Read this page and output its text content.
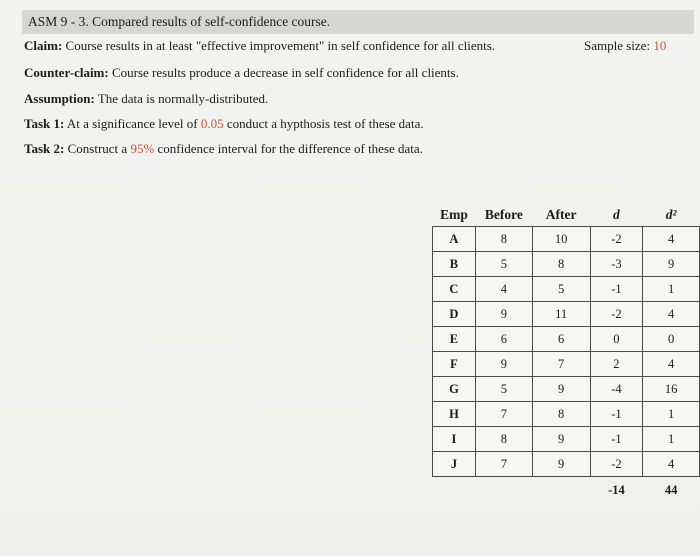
ASM 9 - 3. Compared results of self-confidence course.
Claim: Course results in at least "effective improvement" in self confidence for all clients.	Sample size: 10
Counter-claim: Course results produce a decrease in self confidence for all clients.
Assumption: The data is normally-distributed.
Task 1: At a significance level of 0.05 conduct a hypthosis test of these data.
Task 2: Construct a 95% confidence interval for the difference of these data.
Emp	Before	After	d	d²
A	8	10	-2	4
B	5	8	-3	9
C	4	5	-1	1
D	9	11	-2	4
E	6	6	0	0
F	9	7	2	4
G	5	9	-4	16
H	7	8	-1	1
I	8	9	-1	1
J	7	9	-2	4
			-14	44
